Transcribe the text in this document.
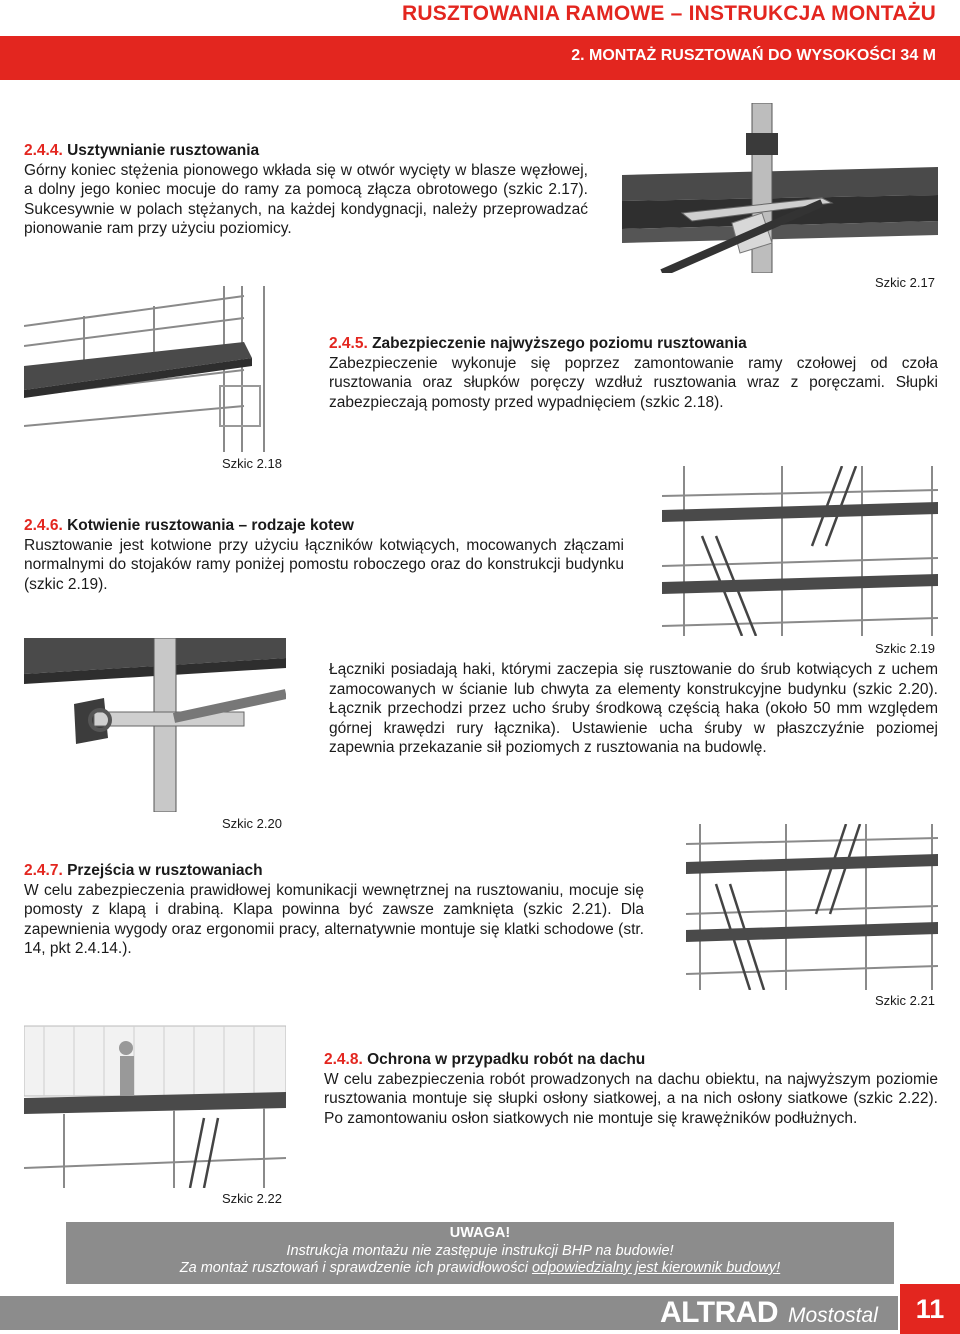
RUSZTOWANIA RAMOWE – INSTRUKCJA MONTAŻU
2. MONTAŻ RUSZTOWAŃ DO WYSOKOŚCI 34 M

2.4.4. Usztywnianie rusztowania

Górny koniec stężenia pionowego wkłada się w otwór wycięty w blasze węzłowej, a dolny jego koniec mocuje do ramy za pomocą złącza obrotowego (szkic 2.17). Sukcesywnie w polach stężanych, na każdej kondygnacji, należy przeprowadzać pionowanie ram przy użyciu poziomicy.

Szkic 2.17

2.4.5. Zabezpieczenie najwyższego poziomu rusztowania

Zabezpieczenie wykonuje się poprzez zamontowanie ramy czołowej od czoła rusztowania oraz słupków poręczy wzdłuż rusztowania wraz z poręczami. Słupki zabezpieczają pomosty przed wypadnięciem (szkic 2.18).

Szkic 2.18

2.4.6. Kotwienie rusztowania – rodzaje kotew

Rusztowanie jest kotwione przy użyciu łączników kotwiących, mocowanych złączami normalnymi do stojaków ramy poniżej pomostu roboczego oraz do konstrukcji budynku (szkic 2.19).

Szkic 2.19

Łączniki posiadają haki, którymi zaczepia się rusztowanie do śrub kotwiących z uchem zamocowanych w ścianie lub chwyta za elementy konstrukcyjne budynku (szkic 2.20). Łącznik przechodzi przez ucho śruby środkową częścią haka (około 50 mm względem górnej krawędzi rury łącznika). Ustawienie ucha śruby w płaszczyźnie poziomej zapewnia przekazanie sił poziomych z rusztowania na budowlę.

Szkic 2.20

2.4.7. Przejścia w rusztowaniach

W celu zabezpieczenia prawidłowej komunikacji wewnętrznej na rusztowaniu, mocuje się pomosty z klapą i drabiną. Klapa powinna być zawsze zamknięta (szkic 2.21). Dla zapewnienia wygody oraz ergonomii pracy, alternatywnie montuje się klatki schodowe (str. 14, pkt 2.4.14.).

Szkic 2.21

2.4.8. Ochrona w przypadku robót na dachu

W celu zabezpieczenia robót prowadzonych na dachu obiektu, na najwyższym poziomie rusztowania montuje się słupki osłony siatkowej, a na nich osłony siatkowe (szkic 2.22). Po zamontowaniu osłon siatkowych nie montuje się krawężników podłużnych.

Szkic 2.22
UWAGA!
Instrukcja montażu nie zastępuje instrukcji BHP na budowie!
Za montaż rusztowań i sprawdzenie ich prawidłowości odpowiedzialny jest kierownik budowy!
ALTRAD Mostostal	11
